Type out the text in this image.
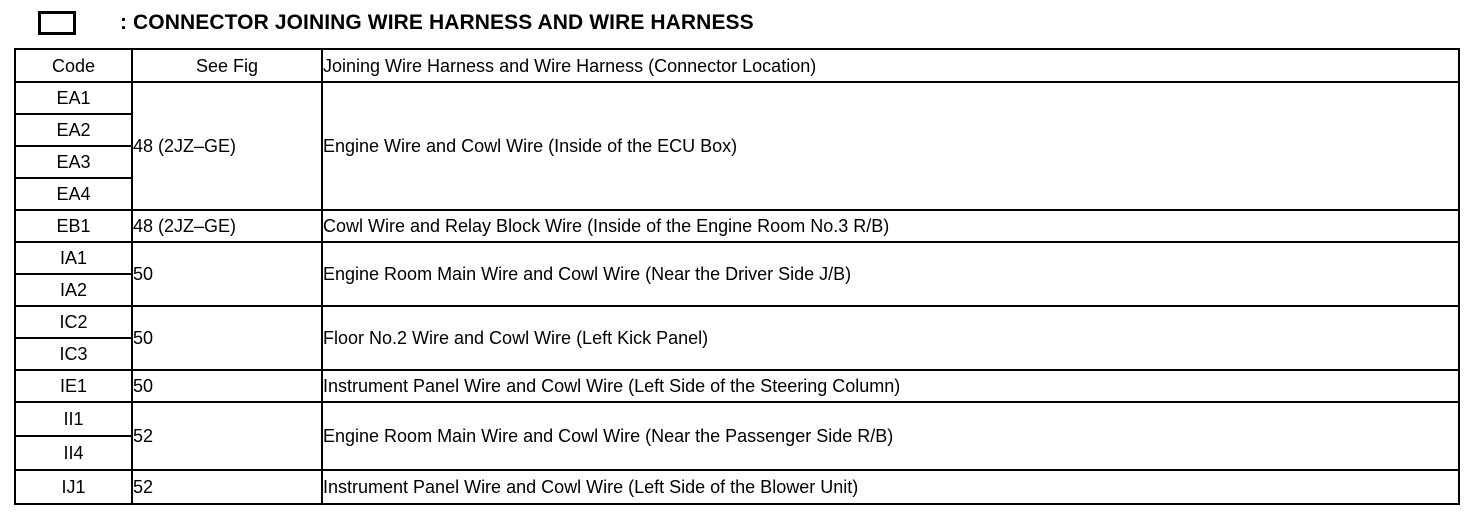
: CONNECTOR JOINING WIRE HARNESS AND WIRE HARNESS
Code	See Fig	Joining Wire Harness and Wire Harness (Connector Location)
EA1	48 (2JZ–GE)	Engine Wire and Cowl Wire (Inside of the ECU Box)
EA2		
EA3		
EA4		
EB1	48 (2JZ–GE)	Cowl Wire and Relay Block Wire (Inside of the Engine Room No.3 R/B)
IA1	50	Engine Room Main Wire and Cowl Wire (Near the Driver Side J/B)
IA2		
IC2	50	Floor No.2 Wire and Cowl Wire (Left Kick Panel)
IC3		
IE1	50	Instrument Panel Wire and Cowl Wire (Left Side of the Steering Column)
II1	52	Engine Room Main Wire and Cowl Wire (Near the Passenger Side R/B)
II4		
IJ1	52	Instrument Panel Wire and Cowl Wire (Left Side of the Blower Unit)
